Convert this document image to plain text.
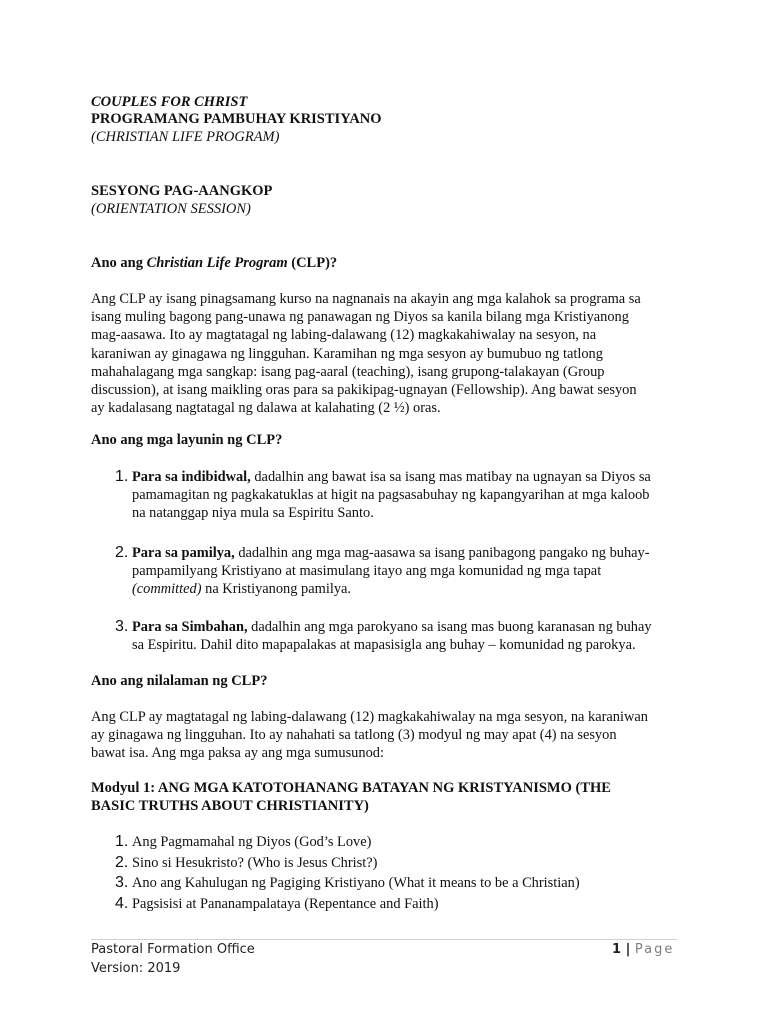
COUPLES FOR CHRIST
PROGRAMANG PAMBUHAY KRISTIYANO
(CHRISTIAN LIFE PROGRAM)
SESYONG PAG-AANGKOP
(ORIENTATION SESSION)
Ano ang Christian Life Program (CLP)?
Ang CLP ay isang pinagsamang kurso na nagnanais na akayin ang mga kalahok sa programa sa
isang muling bagong pang-unawa ng panawagan ng Diyos sa kanila bilang mga Kristiyanong
mag-aasawa. Ito ay magtatagal ng labing-dalawang (12) magkakahiwalay na sesyon, na
karaniwan ay ginagawa ng lingguhan. Karamihan ng mga sesyon ay bumubuo ng tatlong
mahahalagang mga sangkap: isang pag-aaral (teaching), isang grupong-talakayan (Group
discussion), at isang maikling oras para sa pakikipag-ugnayan (Fellowship). Ang bawat sesyon
ay kadalasang nagtatagal ng dalawa at kalahating (2 ½) oras.
Ano ang mga layunin ng CLP?
1. Para sa indibidwal, dadalhin ang bawat isa sa isang mas matibay na ugnayan sa Diyos sa
pamamagitan ng pagkakatuklas at higit na pagsasabuhay ng kapangyarihan at mga kaloob
na natanggap niya mula sa Espiritu Santo.
2. Para sa pamilya, dadalhin ang mga mag-aasawa sa isang panibagong pangako ng buhay-
pampamilyang Kristiyano at masimulang itayo ang mga komunidad ng mga tapat
(committed) na Kristiyanong pamilya.
3. Para sa Simbahan, dadalhin ang mga parokyano sa isang mas buong karanasan ng buhay
sa Espiritu. Dahil dito mapapalakas at mapasisigla ang buhay – komunidad ng parokya.
Ano ang nilalaman ng CLP?
Ang CLP ay magtatagal ng labing-dalawang (12) magkakahiwalay na mga sesyon, na karaniwan
ay ginagawa ng lingguhan. Ito ay nahahati sa tatlong (3) modyul ng may apat (4) na sesyon
bawat isa. Ang mga paksa ay ang mga sumusunod:
Modyul 1: ANG MGA KATOTOHANANG BATAYAN NG KRISTYANISMO (THE
BASIC TRUTHS ABOUT CHRISTIANITY)
1. Ang Pagmamahal ng Diyos (God’s Love)
2. Sino si Hesukristo? (Who is Jesus Christ?)
3. Ano ang Kahulugan ng Pagiging Kristiyano (What it means to be a Christian)
4. Pagsisisi at Pananampalataya (Repentance and Faith)
Pastoral Formation Office
Version: 2019
1 | Page
